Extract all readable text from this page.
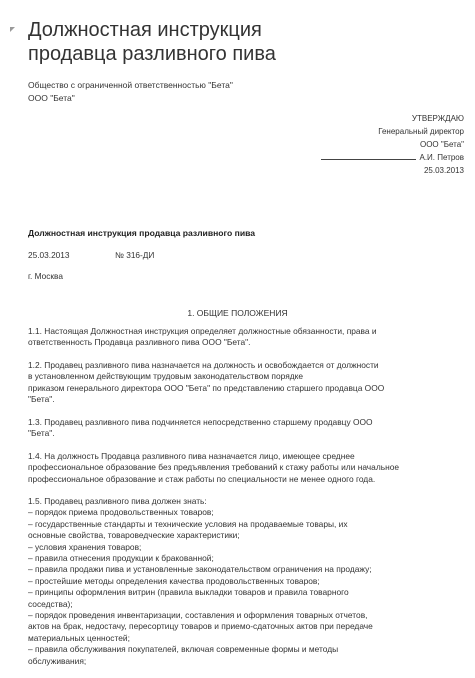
Должностная инструкция
продавца разливного пива
Общество с ограниченной ответственностью "Бета"
ООО "Бета"
УТВЕРЖДАЮ
Генеральный директор
ООО "Бета"
А.И. Петров
25.03.2013
Должностная инструкция продавца разливного пива
25.03.2013	№ 316-ДИ
г. Москва
1. ОБЩИЕ ПОЛОЖЕНИЯ
1.1. Настоящая Должностная инструкция определяет должностные обязанности, права и
ответственность Продавца разливного пива ООО "Бета".
1.2. Продавец разливного пива назначается на должность и освобождается от должности
в установленном действующим трудовым законодательством порядке
приказом генерального директора ООО "Бета" по представлению старшего продавца ООО
"Бета".
1.3. Продавец разливного пива подчиняется непосредственно старшему продавцу ООО
"Бета".
1.4. На должность Продавца разливного пива назначается лицо, имеющее среднее
профессиональное образование без предъявления требований к стажу работы или начальное
профессиональное образование и стаж работы по специальности не менее одного года.
1.5. Продавец разливного пива должен знать:
– порядок приема продовольственных товаров;
– государственные стандарты и технические условия на продаваемые товары, их
основные свойства, товароведческие характеристики;
– условия хранения товаров;
– правила отнесения продукции к бракованной;
– правила продажи пива и установленные законодательством ограничения на продажу;
– простейшие методы определения качества продовольственных товаров;
– принципы оформления витрин (правила выкладки товаров и правила товарного
соседства);
– порядок проведения инвентаризации, составления и оформления товарных отчетов,
актов на брак, недостачу, пересортицу товаров и приемо-сдаточных актов при передаче
материальных ценностей;
– правила обслуживания покупателей, включая современные формы и методы
обслуживания;
